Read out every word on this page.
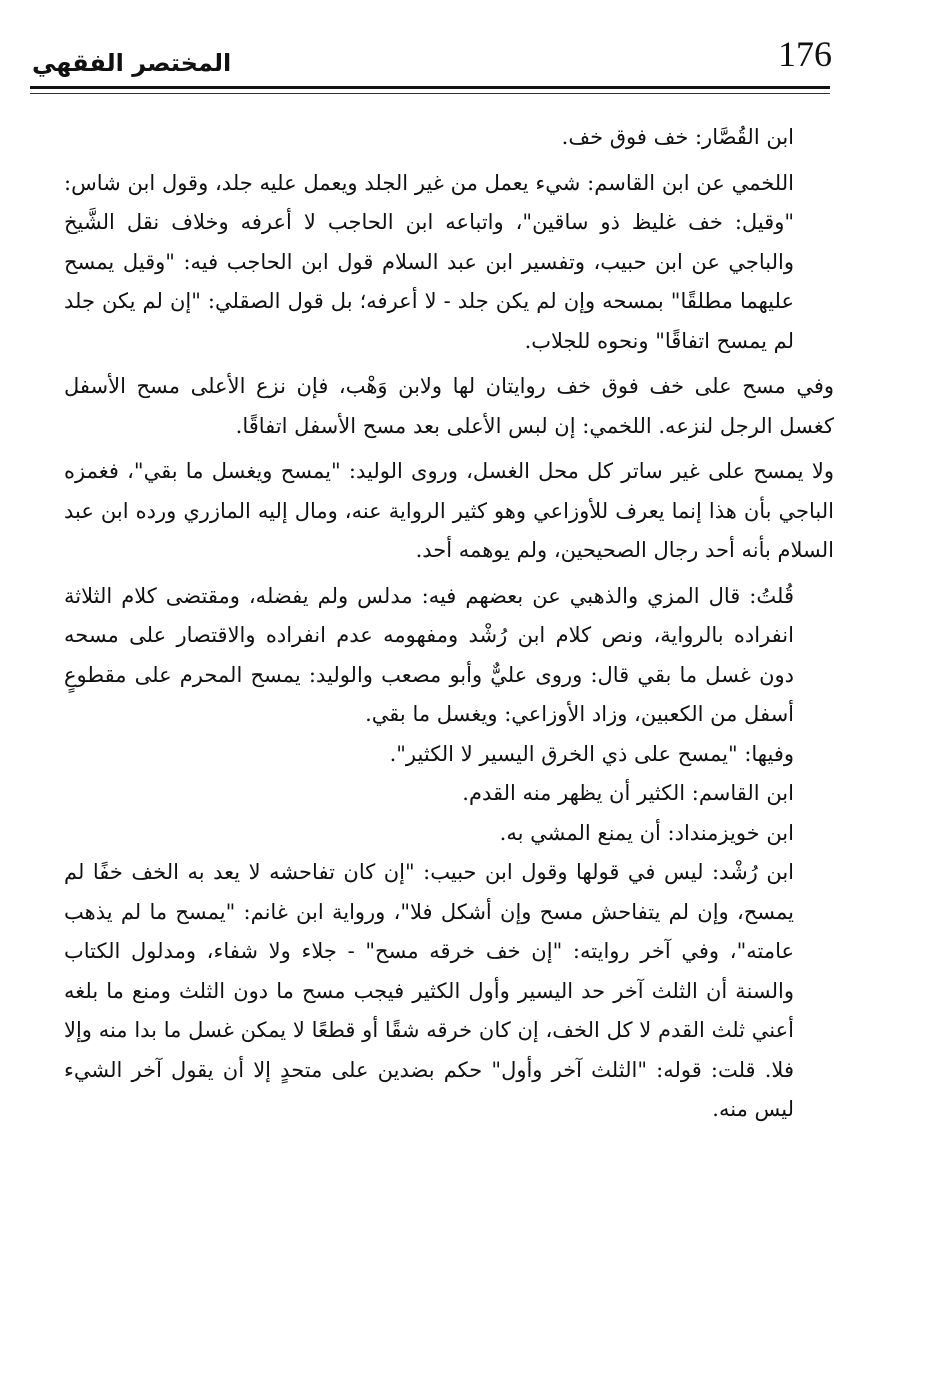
176
المختصر الفقهي

ابن القُصَّار: خف فوق خف.

اللخمي عن ابن القاسم: شيء يعمل من غير الجلد ويعمل عليه جلد، وقول ابن شاس: "وقيل: خف غليظ ذو ساقين"، واتباعه ابن الحاجب لا أعرفه وخلاف نقل الشَّيخ والباجي عن ابن حبيب، وتفسير ابن عبد السلام قول ابن الحاجب فيه: "وقيل يمسح عليهما مطلقًا" بمسحه وإن لم يكن جلد - لا أعرفه؛ بل قول الصقلي: "إن لم يكن جلد لم يمسح اتفاقًا" ونحوه للجلاب.

وفي مسح على خف فوق خف روايتان لها ولابن وَهْب، فإن نزع الأعلى مسح الأسفل كغسل الرجل لنزعه. اللخمي: إن لبس الأعلى بعد مسح الأسفل اتفاقًا.

ولا يمسح على غير ساتر كل محل الغسل، وروى الوليد: "يمسح ويغسل ما بقي"، فغمزه الباجي بأن هذا إنما يعرف للأوزاعي وهو كثير الرواية عنه، ومال إليه المازري ورده ابن عبد السلام بأنه أحد رجال الصحيحين، ولم يوهمه أحد.

قُلتُ: قال المزي والذهبي عن بعضهم فيه: مدلس ولم يفضله، ومقتضى كلام الثلاثة انفراده بالرواية، ونص كلام ابن رُشْد ومفهومه عدم انفراده والاقتصار على مسحه دون غسل ما بقي قال: وروى عليٌّ وأبو مصعب والوليد: يمسح المحرم على مقطوعٍ أسفل من الكعبين، وزاد الأوزاعي: ويغسل ما بقي.

وفيها: "يمسح على ذي الخرق اليسير لا الكثير".

ابن القاسم: الكثير أن يظهر منه القدم.

ابن خويزمنداد: أن يمنع المشي به.

ابن رُشْد: ليس في قولها وقول ابن حبيب: "إن كان تفاحشه لا يعد به الخف خفًا لم يمسح، وإن لم يتفاحش مسح وإن أشكل فلا"، ورواية ابن غانم: "يمسح ما لم يذهب عامته"، وفي آخر روايته: "إن خف خرقه مسح" - جلاء ولا شفاء، ومدلول الكتاب والسنة أن الثلث آخر حد اليسير وأول الكثير فيجب مسح ما دون الثلث ومنع ما بلغه أعني ثلث القدم لا كل الخف، إن كان خرقه شقًا أو قطعًا لا يمكن غسل ما بدا منه وإلا فلا. قلت: قوله: "الثلث آخر وأول" حكم بضدين على متحدٍ إلا أن يقول آخر الشيء ليس منه.
